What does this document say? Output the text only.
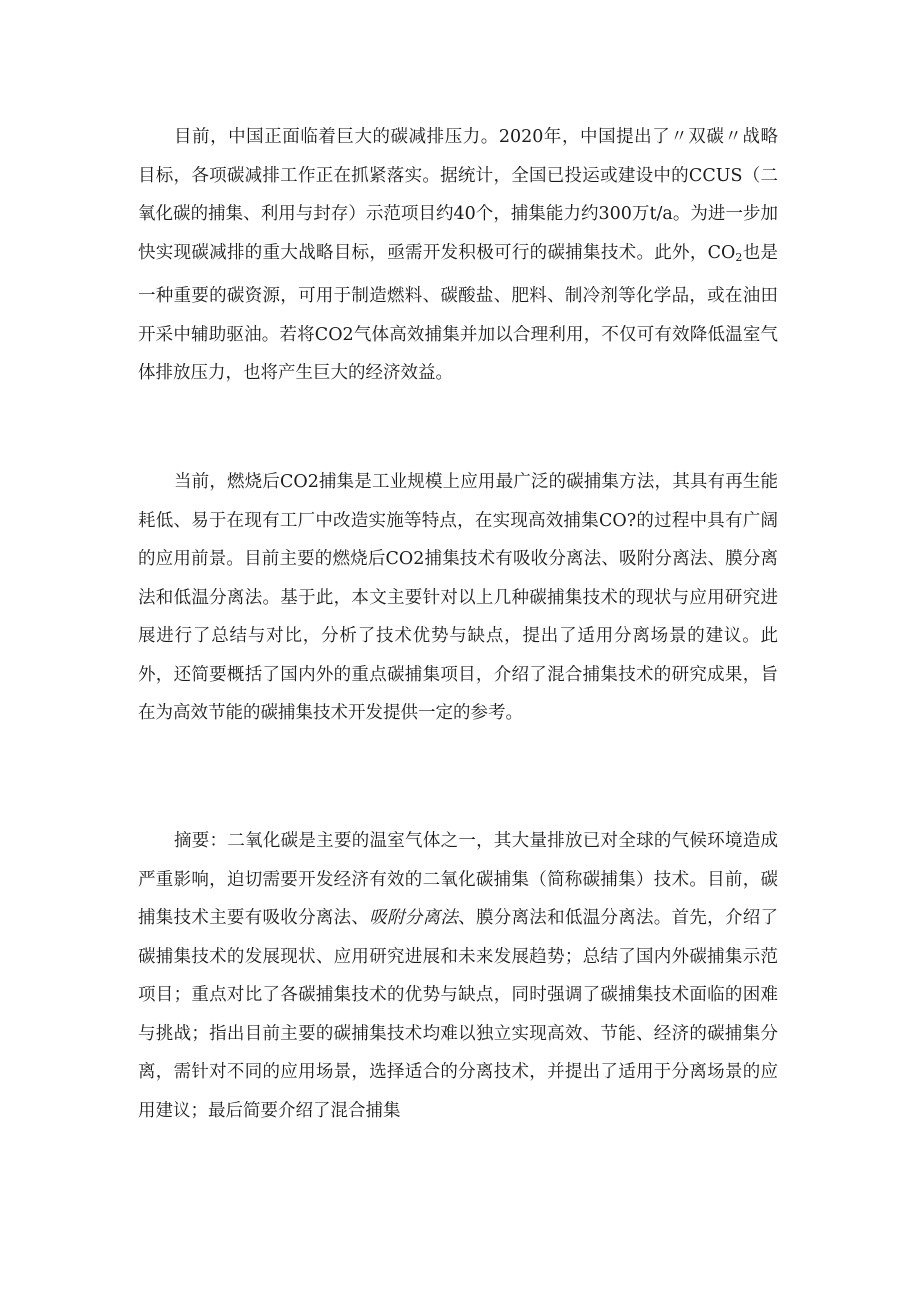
目前，中国正面临着巨大的碳减排压力。2020年，中国提出了〃双碳〃战略目标，各项碳减排工作正在抓紧落实。据统计，全国已投运或建设中的CCUS（二氧化碳的捕集、利用与封存）示范项目约40个，捕集能力约300万t/a。为进一步加快实现碳减排的重大战略目标，亟需开发积极可行的碳捕集技术。此外，$CO_2$也是一种重要的碳资源，可用于制造燃料、碳酸盐、肥料、制冷剂等化学品，或在油田开采中辅助驱油。若将CO2气体高效捕集并加以合理利用，不仅可有效降低温室气体排放压力，也将产生巨大的经济效益。

当前，燃烧后CO2捕集是工业规模上应用最广泛的碳捕集方法，其具有再生能耗低、易于在现有工厂中改造实施等特点，在实现高效捕集CO?的过程中具有广阔的应用前景。目前主要的燃烧后CO2捕集技术有吸收分离法、吸附分离法、膜分离法和低温分离法。基于此，本文主要针对以上几种碳捕集技术的现状与应用研究进展进行了总结与对比，分析了技术优势与缺点，提出了适用分离场景的建议。此外，还简要概括了国内外的重点碳捕集项目，介绍了混合捕集技术的研究成果，旨在为高效节能的碳捕集技术开发提供一定的参考。

摘要：二氧化碳是主要的温室气体之一，其大量排放已对全球的气候环境造成严重影响，迫切需要开发经济有效的二氧化碳捕集（简称碳捕集）技术。目前，碳捕集技术主要有吸收分离法、吸附分离法、膜分离法和低温分离法。首先，介绍了碳捕集技术的发展现状、应用研究进展和未来发展趋势；总结了国内外碳捕集示范项目；重点对比了各碳捕集技术的优势与缺点，同时强调了碳捕集技术面临的困难与挑战；指出目前主要的碳捕集技术均难以独立实现高效、节能、经济的碳捕集分离，需针对不同的应用场景，选择适合的分离技术，并提出了适用于分离场景的应用建议；最后简要介绍了混合捕集
